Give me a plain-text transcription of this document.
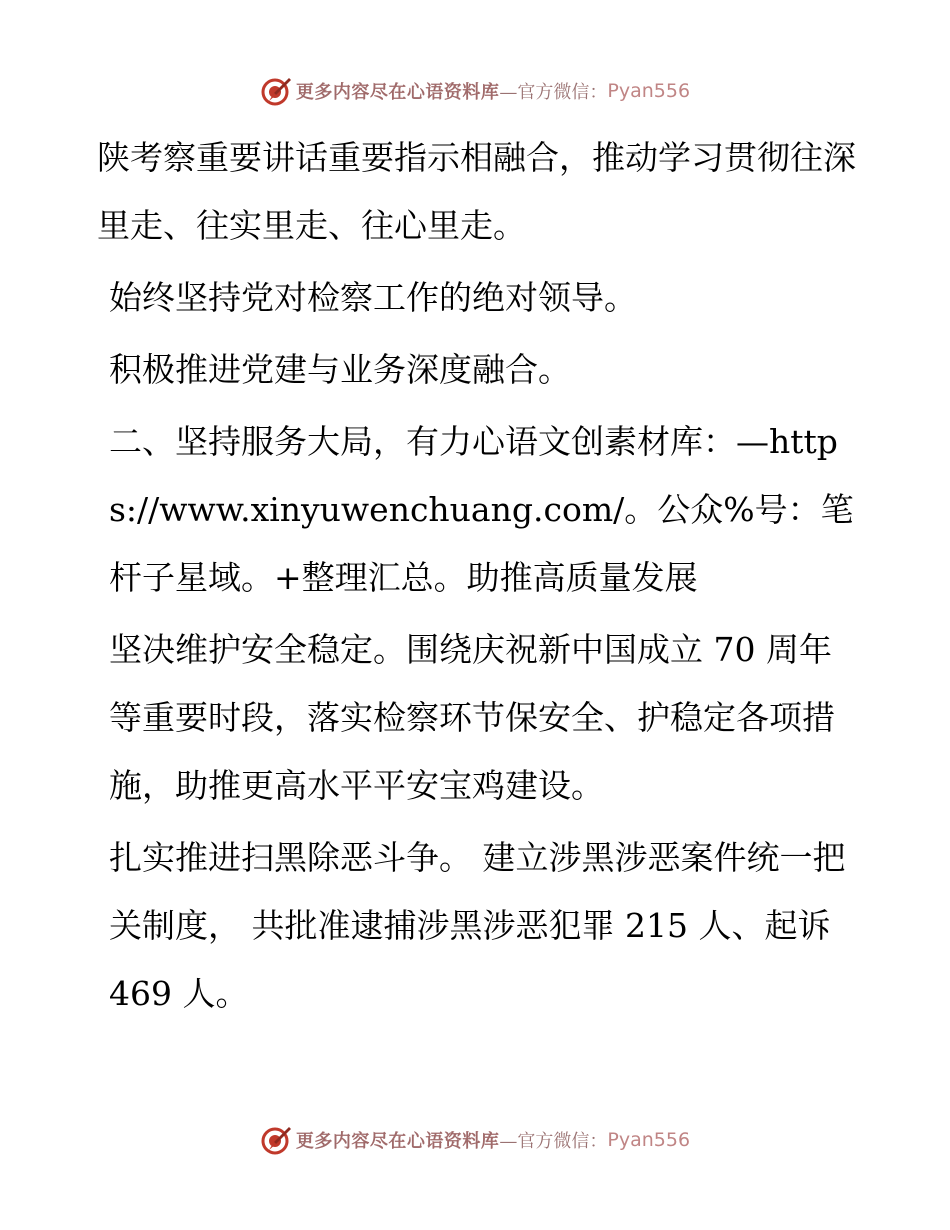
更多内容尽在心语资料库 —官方微信： Pyan556

陕考察重要讲话重要指示相融合，推动学习贯彻往深里走、往实里走、往心里走。

始终坚持党对检察工作的绝对领导。

积极推进党建与业务深度融合。

二、坚持服务大局，有力心语文创素材库：—https://www.xinyuwenchuang.com/。公众%号：笔杆子星域。+整理汇总。助推高质量发展

坚决维护安全稳定。围绕庆祝新中国成立 70 周年等重要时段，落实检察环节保安全、护稳定各项措施，助推更高水平平安宝鸡建设。

扎实推进扫黑除恶斗争。 建立涉黑涉恶案件统一把关制度， 共批准逮捕涉黑涉恶犯罪 215 人、起诉 469 人。

更多内容尽在心语资料库 —官方微信： Pyan556
